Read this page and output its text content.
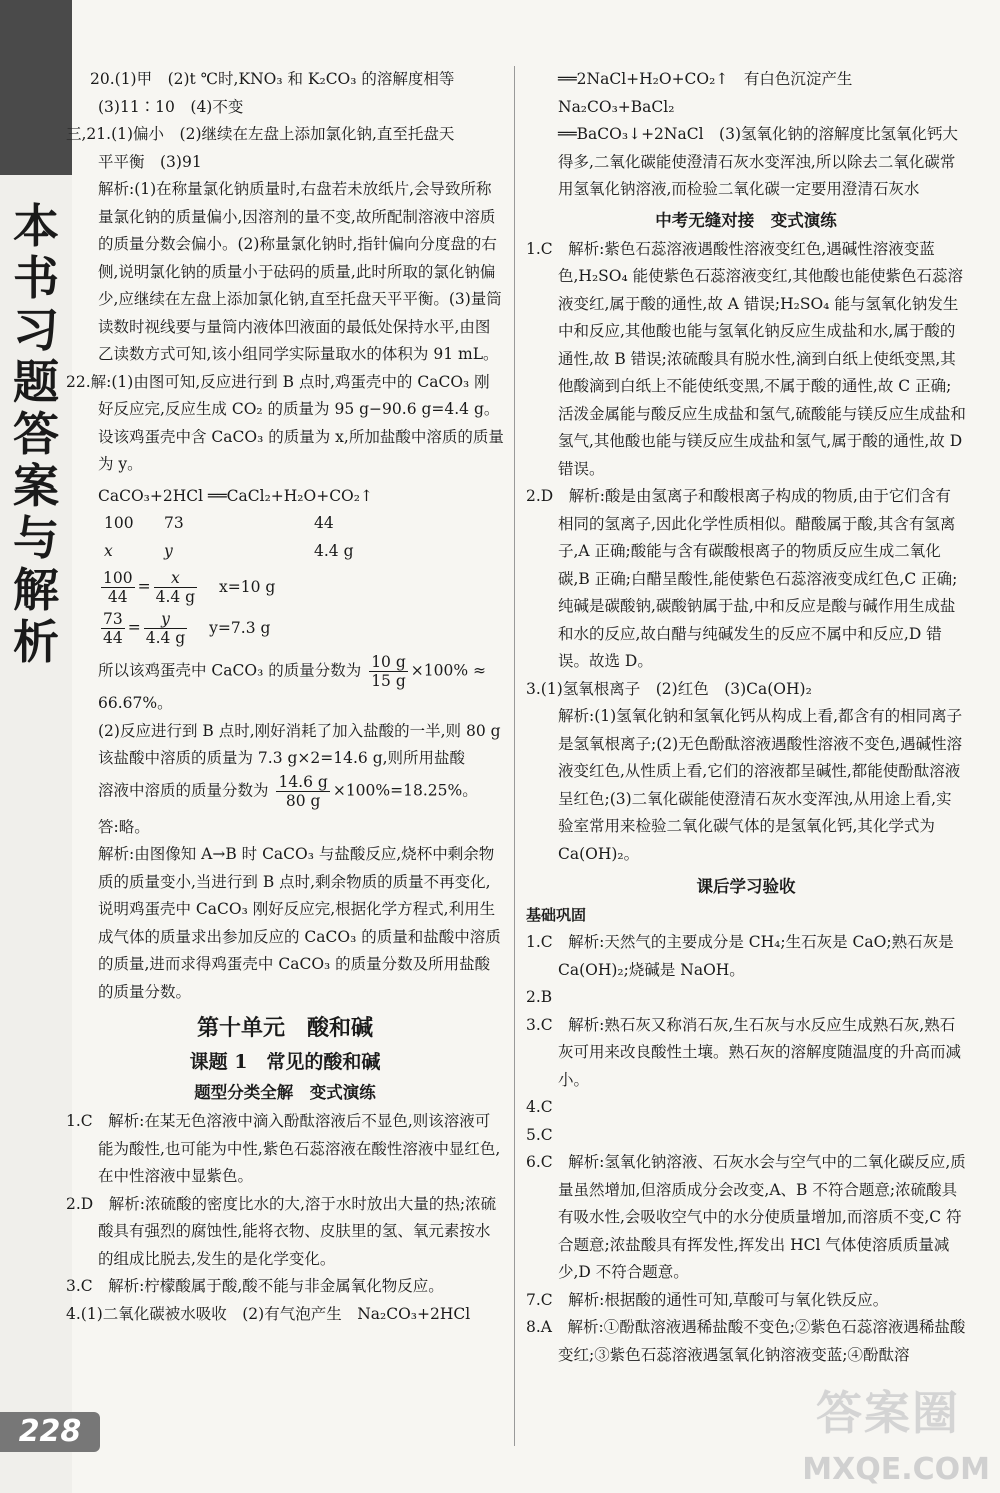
本
书
习
题
答
案
与
解
析
228

20.(1)甲　(2)t ℃时,KNO₃ 和 K₂CO₃ 的溶解度相等

(3)11∶10　(4)不变

三,21.(1)偏小　(2)继续在左盘上添加氯化钠,直至托盘天

平平衡　(3)91

解析:(1)在称量氯化钠质量时,右盘若未放纸片,会导致所称量氯化钠的质量偏小,因溶剂的量不变,故所配制溶液中溶质的质量分数会偏小。(2)称量氯化钠时,指针偏向分度盘的右侧,说明氯化钠的质量小于砝码的质量,此时所取的氯化钠偏少,应继续在左盘上添加氯化钠,直至托盘天平平衡。(3)量筒读数时视线要与量筒内液体凹液面的最低处保持水平,由图乙读数方式可知,该小组同学实际量取水的体积为 91 mL。

22.解:(1)由图可知,反应进行到 B 点时,鸡蛋壳中的 CaCO₃ 刚好反应完,反应生成 CO₂ 的质量为 95 g−90.6 g=4.4 g。设该鸡蛋壳中含 CaCO₃ 的质量为 x,所加盐酸中溶质的质量为 y。

CaCO₃+2HCl ══CaCl₂+H₂O+CO₂↑

100	73	44
x	y	4.4 g
$\frac{100}{44} = \frac{x}{4.4 g} x=10$ g
$\frac{73}{44} = \frac{y}{4.4 g} y=7.3$ g

所以该鸡蛋壳中 CaCO₃ 的质量分数为 $\frac{10 g}{15 g} \times 100\%$ ≈

66.67%。

(2)反应进行到 B 点时,刚好消耗了加入盐酸的一半,则 80 g 该盐酸中溶质的质量为 7.3 g×2=14.6 g,则所用盐酸

溶液中溶质的质量分数为 $\frac{14.6 g}{80 g} \times 100\%=18.25\%$。

答:略。

解析:由图像知 A→B 时 CaCO₃ 与盐酸反应,烧杯中剩余物质的质量变小,当进行到 B 点时,剩余物质的质量不再变化,说明鸡蛋壳中 CaCO₃ 刚好反应完,根据化学方程式,利用生成气体的质量求出参加反应的 CaCO₃ 的质量和盐酸中溶质的质量,进而求得鸡蛋壳中 CaCO₃ 的质量分数及所用盐酸的质量分数。

第十单元　酸和碱

课题 1　常见的酸和碱

题型分类全解　变式演练

1.C　解析:在某无色溶液中滴入酚酞溶液后不显色,则该溶液可能为酸性,也可能为中性,紫色石蕊溶液在酸性溶液中显红色,在中性溶液中显紫色。

2.D　解析:浓硫酸的密度比水的大,溶于水时放出大量的热;浓硫酸具有强烈的腐蚀性,能将衣物、皮肤里的氢、氧元素按水的组成比脱去,发生的是化学变化。

3.C　解析:柠檬酸属于酸,酸不能与非金属氧化物反应。

4.(1)二氧化碳被水吸收　(2)有气泡产生　Na₂CO₃+2HCl

══2NaCl+H₂O+CO₂↑　有白色沉淀产生　Na₂CO₃+BaCl₂

══BaCO₃↓+2NaCl　(3)氢氧化钠的溶解度比氢氧化钙大得多,二氧化碳能使澄清石灰水变浑浊,所以除去二氧化碳常用氢氧化钠溶液,而检验二氧化碳一定要用澄清石灰水

中考无缝对接　变式演练

1.C　解析:紫色石蕊溶液遇酸性溶液变红色,遇碱性溶液变蓝色,H₂SO₄ 能使紫色石蕊溶液变红,其他酸也能使紫色石蕊溶液变红,属于酸的通性,故 A 错误;H₂SO₄ 能与氢氧化钠发生中和反应,其他酸也能与氢氧化钠反应生成盐和水,属于酸的通性,故 B 错误;浓硫酸具有脱水性,滴到白纸上使纸变黑,其他酸滴到白纸上不能使纸变黑,不属于酸的通性,故 C 正确;活泼金属能与酸反应生成盐和氢气,硫酸能与镁反应生成盐和氢气,其他酸也能与镁反应生成盐和氢气,属于酸的通性,故 D 错误。

2.D　解析:酸是由氢离子和酸根离子构成的物质,由于它们含有相同的氢离子,因此化学性质相似。醋酸属于酸,其含有氢离子,A 正确;酸能与含有碳酸根离子的物质反应生成二氧化碳,B 正确;白醋呈酸性,能使紫色石蕊溶液变成红色,C 正确;纯碱是碳酸钠,碳酸钠属于盐,中和反应是酸与碱作用生成盐和水的反应,故白醋与纯碱发生的反应不属中和反应,D 错误。故选 D。

3.(1)氢氧根离子　(2)红色　(3)Ca(OH)₂

解析:(1)氢氧化钠和氢氧化钙从构成上看,都含有的相同离子是氢氧根离子;(2)无色酚酞溶液遇酸性溶液不变色,遇碱性溶液变红色,从性质上看,它们的溶液都呈碱性,都能使酚酞溶液呈红色;(3)二氧化碳能使澄清石灰水变浑浊,从用途上看,实验室常用来检验二氧化碳气体的是氢氧化钙,其化学式为 Ca(OH)₂。

课后学习验收

基础巩固

1.C　解析:天然气的主要成分是 CH₄;生石灰是 CaO;熟石灰是 Ca(OH)₂;烧碱是 NaOH。

2.B

3.C　解析:熟石灰又称消石灰,生石灰与水反应生成熟石灰,熟石灰可用来改良酸性土壤。熟石灰的溶解度随温度的升高而减小。

4.C

5.C

6.C　解析:氢氧化钠溶液、石灰水会与空气中的二氧化碳反应,质量虽然增加,但溶质成分会改变,A、B 不符合题意;浓硫酸具有吸水性,会吸收空气中的水分使质量增加,而溶质不变,C 符合题意;浓盐酸具有挥发性,挥发出 HCl 气体使溶质质量减少,D 不符合题意。

7.C　解析:根据酸的通性可知,草酸可与氧化铁反应。

8.A　解析:①酚酞溶液遇稀盐酸不变色;②紫色石蕊溶液遇稀盐酸变红;③紫色石蕊溶液遇氢氧化钠溶液变蓝;④酚酞溶

答案圈
MXQE.COM
